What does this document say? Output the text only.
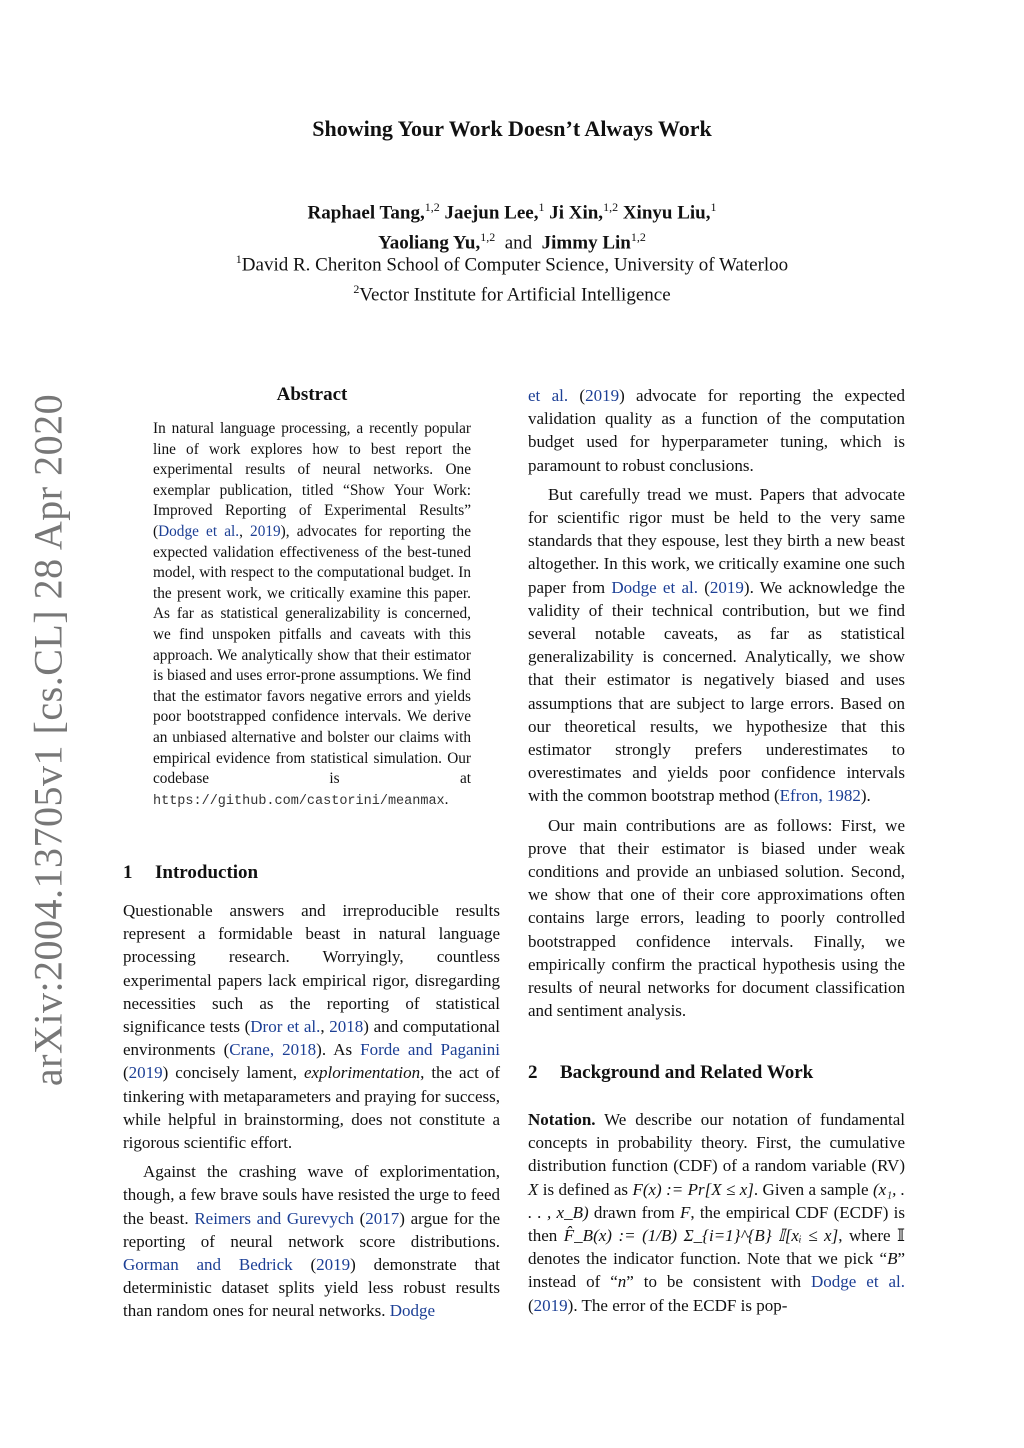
arXiv:2004.13705v1 [cs.CL] 28 Apr 2020
Showing Your Work Doesn’t Always Work
Raphael Tang,$^{1,2}$ Jaejun Lee,$^1$ Ji Xin,$^{1,2}$ Xinyu Liu,$^1$
Yaoliang Yu,$^{1,2}$ and Jimmy Lin$^{1,2}$
$^1$David R. Cheriton School of Computer Science, University of Waterloo
$^2$Vector Institute for Artificial Intelligence
Abstract
In natural language processing, a recently popular line of work explores how to best report the experimental results of neural networks. One exemplar publication, titled “Show Your Work: Improved Reporting of Experimental Results” (Dodge et al., 2019), advocates for reporting the expected validation effectiveness of the best-tuned model, with respect to the computational budget. In the present work, we critically examine this paper. As far as statistical generalizability is concerned, we find unspoken pitfalls and caveats with this approach. We analytically show that their estimator is biased and uses error-prone assumptions. We find that the estimator favors negative errors and yields poor bootstrapped confidence intervals. We derive an unbiased alternative and bolster our claims with empirical evidence from statistical simulation. Our codebase is at https://github.com/castorini/meanmax.
1 Introduction

Questionable answers and irreproducible results represent a formidable beast in natural language processing research. Worryingly, countless experimental papers lack empirical rigor, disregarding necessities such as the reporting of statistical significance tests (Dror et al., 2018) and computational environments (Crane, 2018). As Forde and Paganini (2019) concisely lament, explorimentation, the act of tinkering with metaparameters and praying for success, while helpful in brainstorming, does not constitute a rigorous scientific effort.

Against the crashing wave of explorimentation, though, a few brave souls have resisted the urge to feed the beast. Reimers and Gurevych (2017) argue for the reporting of neural network score distributions. Gorman and Bedrick (2019) demonstrate that deterministic dataset splits yield less robust results than random ones for neural networks. Dodge

et al. (2019) advocate for reporting the expected validation quality as a function of the computation budget used for hyperparameter tuning, which is paramount to robust conclusions.

But carefully tread we must. Papers that advocate for scientific rigor must be held to the very same standards that they espouse, lest they birth a new beast altogether. In this work, we critically examine one such paper from Dodge et al. (2019). We acknowledge the validity of their technical contribution, but we find several notable caveats, as far as statistical generalizability is concerned. Analytically, we show that their estimator is negatively biased and uses assumptions that are subject to large errors. Based on our theoretical results, we hypothesize that this estimator strongly prefers underestimates to overestimates and yields poor confidence intervals with the common bootstrap method (Efron, 1982).

Our main contributions are as follows: First, we prove that their estimator is biased under weak conditions and provide an unbiased solution. Second, we show that one of their core approximations often contains large errors, leading to poorly controlled bootstrapped confidence intervals. Finally, we empirically confirm the practical hypothesis using the results of neural networks for document classification and sentiment analysis.

2 Background and Related Work

Notation. We describe our notation of fundamental concepts in probability theory. First, the cumulative distribution function (CDF) of a random variable (RV) X is defined as F(x) := Pr[X ≤ x]. Given a sample (x₁, . . . , x_B) drawn from F, the empirical CDF (ECDF) is then F̂_B(x) := (1/B) Σ_{i=1}^{B} 𝕀[xᵢ ≤ x], where 𝕀 denotes the indicator function. Note that we pick “B” instead of “n” to be consistent with Dodge et al. (2019). The error of the ECDF is pop-
